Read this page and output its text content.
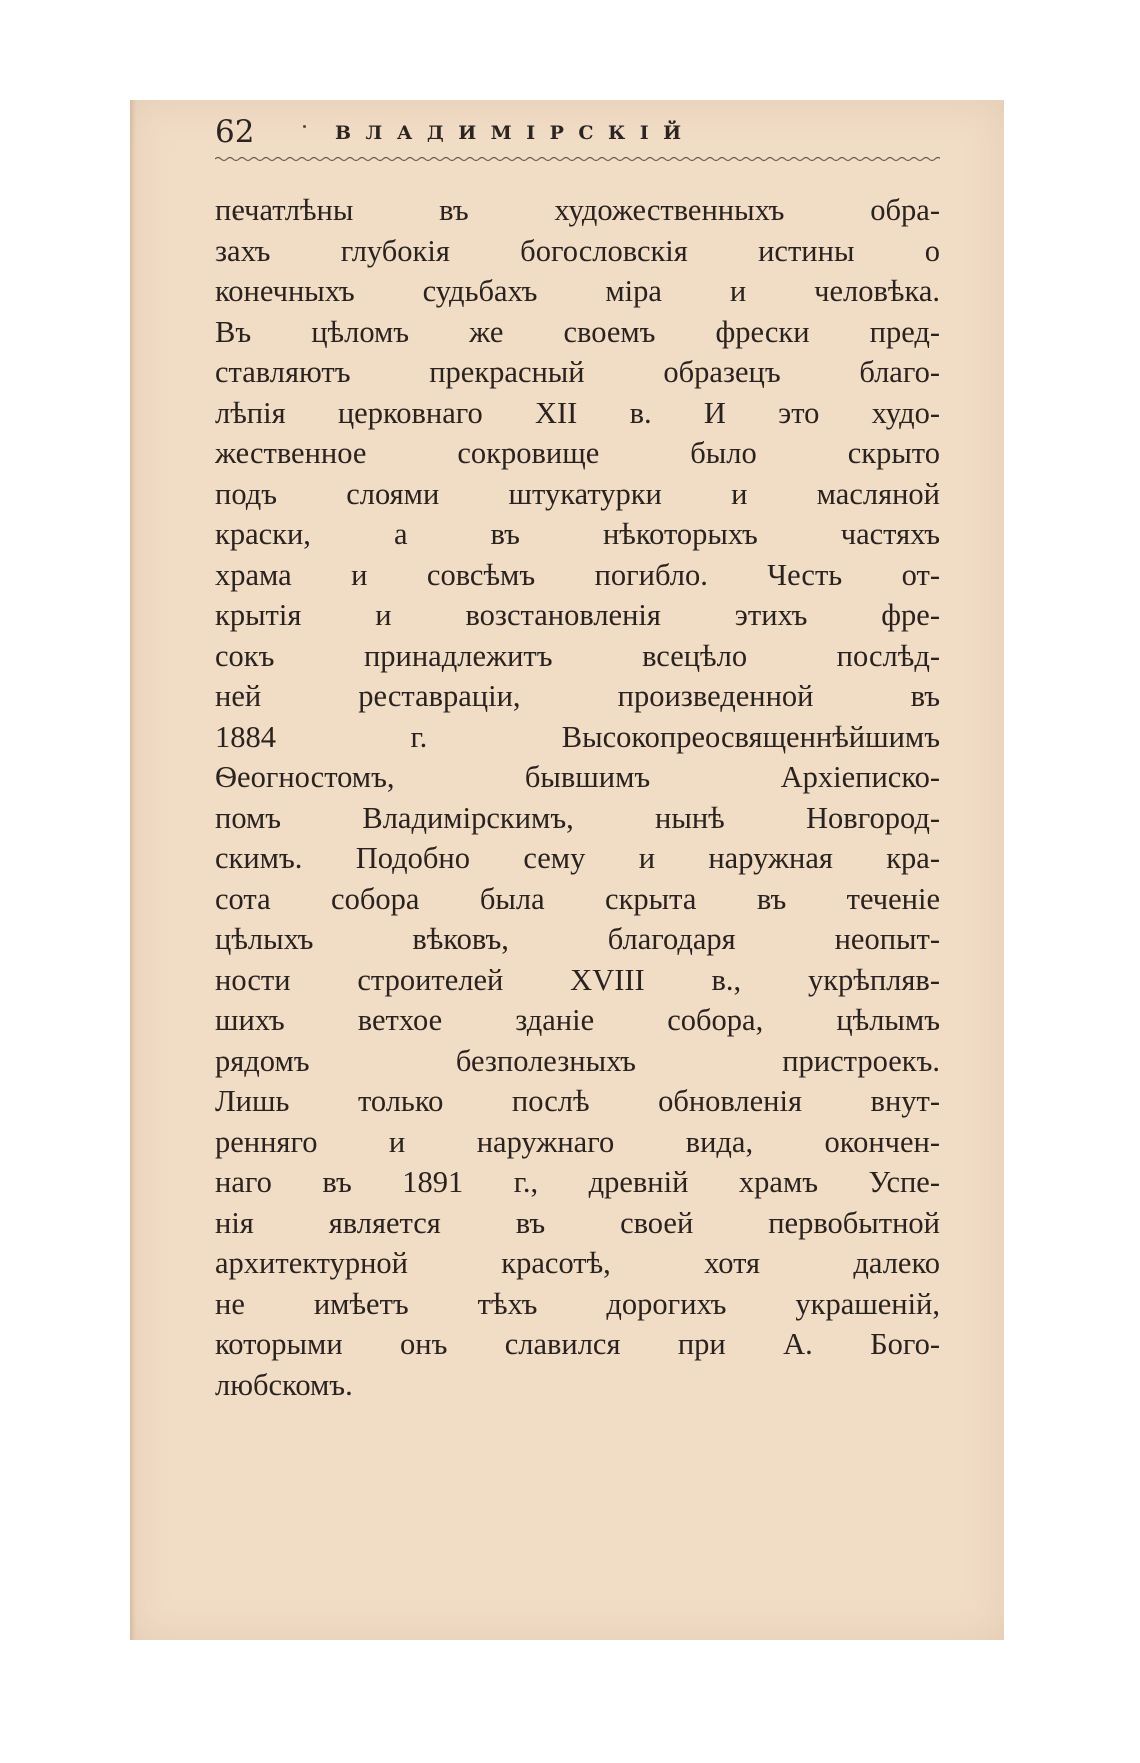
62	ВЛАДИМІРСКІЙ
печатлѣны въ художественныхъ обра-
захъ глубокія богословскія истины о
конечныхъ судьбахъ міра и человѣка.
Въ цѣломъ же своемъ фрески пред-
ставляютъ прекрасный образецъ благо-
лѣпія церковнаго XII в. И это худо-
жественное сокровище было скрыто
подъ слоями штукатурки и масляной
краски, а въ нѣкоторыхъ частяхъ
храма и совсѣмъ погибло. Честь от-
крытія и возстановленія этихъ фре-
сокъ принадлежитъ всецѣло послѣд-
ней реставраціи, произведенной въ
1884 г. Высокопреосвященнѣйшимъ
Ѳеогностомъ, бывшимъ Архіеписко-
помъ Владимірскимъ, нынѣ Новгород-
скимъ. Подобно сему и наружная кра-
сота собора была скрыта въ теченіе
цѣлыхъ вѣковъ, благодаря неопыт-
ности строителей XVIII в., укрѣпляв-
шихъ ветхое зданіе собора, цѣлымъ
рядомъ безполезныхъ пристроекъ.
Лишь только послѣ обновленія внут-
ренняго и наружнаго вида, окончен-
наго въ 1891 г., древній храмъ Успе-
нія является въ своей первобытной
архитектурной красотѣ, хотя далеко
не имѣетъ тѣхъ дорогихъ украшеній,
которыми онъ славился при А. Бого-
любскомъ.
